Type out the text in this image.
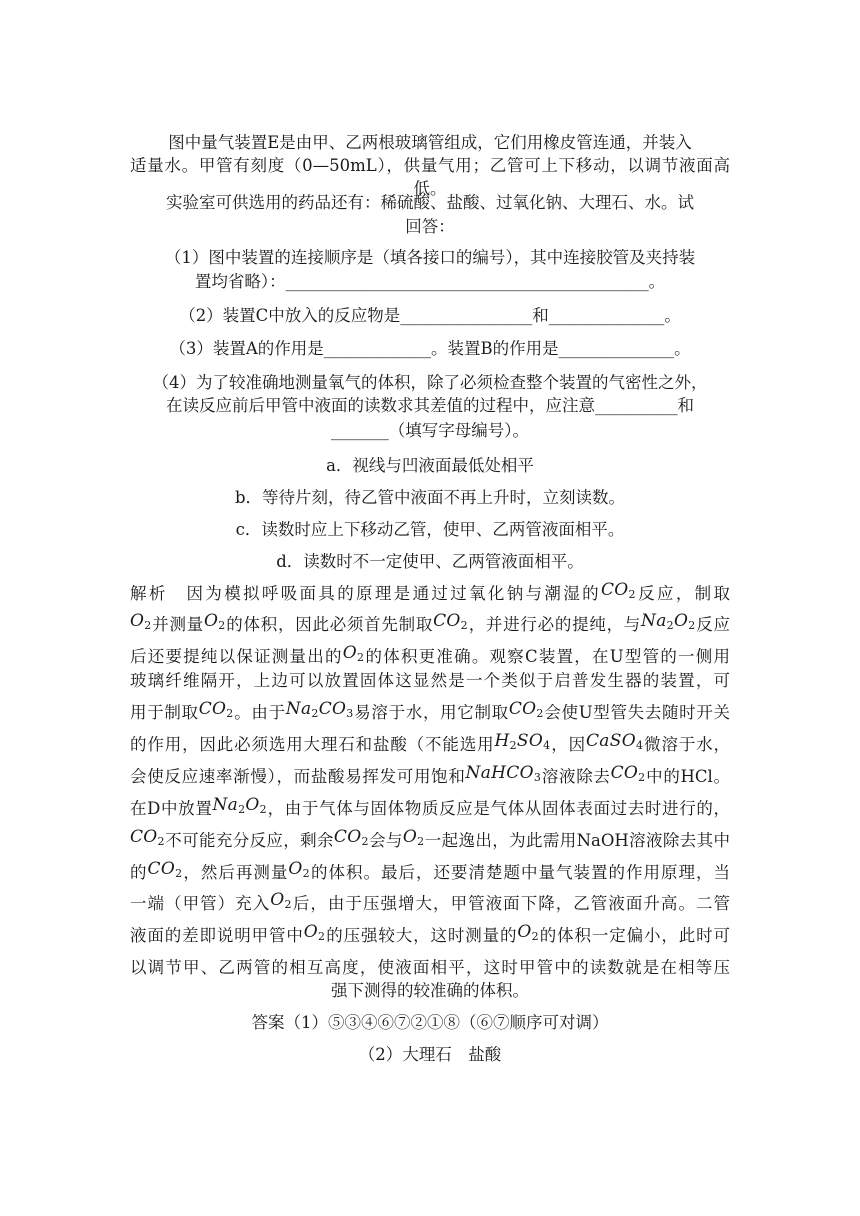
图中量气装置E是由甲、乙两根玻璃管组成，它们用橡皮管连通，并装入
适量水。甲管有刻度（0—50mL），供量气用；乙管可上下移动，以调节液面高
低。
实验室可供选用的药品还有：稀硫酸、盐酸、过氧化钠、大理石、水。试
回答：
（1）图中装置的连接顺序是（填各接口的编号），其中连接胶管及夹持装
置均省略）：____________________________________________。
（2）装置C中放入的反应物是________________和______________。
（3）装置A的作用是_____________。装置B的作用是______________。
（4）为了较准确地测量氧气的体积，除了必须检查整个装置的气密性之外，
在读反应前后甲管中液面的读数求其差值的过程中，应注意__________和
_______（填写字母编号）。
a．视线与凹液面最低处相平
b．等待片刻，待乙管中液面不再上升时，立刻读数。
c．读数时应上下移动乙管，使甲、乙两管液面相平。
d．读数时不一定使甲、乙两管液面相平。
解析　因为模拟呼吸面具的原理是通过过氧化钠与潮湿的$CO_2$反应，制取
$O_2$并测量$O_2$的体积，因此必须首先制取$CO_2$，并进行必的提纯，与$Na_2O_2$反应
后还要提纯以保证测量出的$O_2$的体积更准确。观察C装置，在U型管的一侧用
玻璃纤维隔开，上边可以放置固体这显然是一个类似于启普发生器的装置，可
用于制取$CO_2$。由于$Na_2CO_3$易溶于水，用它制取$CO_2$会使U型管失去随时开关
的作用，因此必须选用大理石和盐酸（不能选用$H_2SO_4$，因CaSO$_4$微溶于水，
会使反应速率渐慢），而盐酸易挥发可用饱和NaHCO$_3$溶液除去$CO_2$中的HCl。
在D中放置$Na_2O_2$，由于气体与固体物质反应是气体从固体表面过去时进行的，
$CO_2$不可能充分反应，剩余$CO_2$会与$O_2$一起逸出，为此需用NaOH溶液除去其中
的$CO_2$，然后再测量$O_2$的体积。最后，还要清楚题中量气装置的作用原理，当
一端（甲管）充入$O_2$后，由于压强增大，甲管液面下降，乙管液面升高。二管
液面的差即说明甲管中$O_2$的压强较大，这时测量的$O_2$的体积一定偏小，此时可
以调节甲、乙两管的相互高度，使液面相平，这时甲管中的读数就是在相等压
强下测得的较准确的体积。
答案（1）⑤③④⑥⑦②①⑧（⑥⑦顺序可对调）
（2）大理石　盐酸
